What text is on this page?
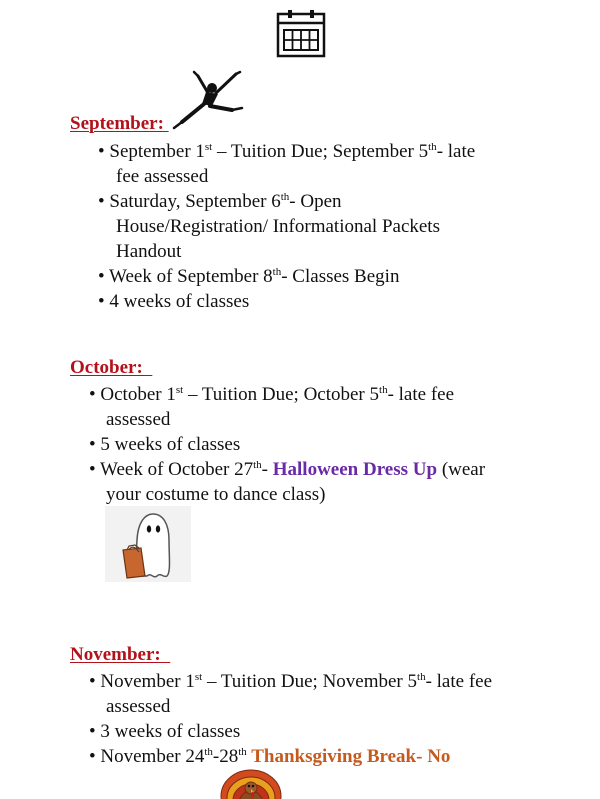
September:
• September 1st – Tuition Due; September 5th- late
fee assessed
• Saturday, September 6th- Open
House/Registration/ Informational Packets
Handout
• Week of September 8th- Classes Begin
• 4 weeks of classes
October:
• October 1st – Tuition Due; October 5th- late fee
assessed
• 5 weeks of classes
• Week of October 27th- Halloween Dress Up (wear
your costume to dance class)
November:
• November 1st – Tuition Due; November 5th- late fee
assessed
• 3 weeks of classes
• November 24th-28th Thanksgiving Break- No
